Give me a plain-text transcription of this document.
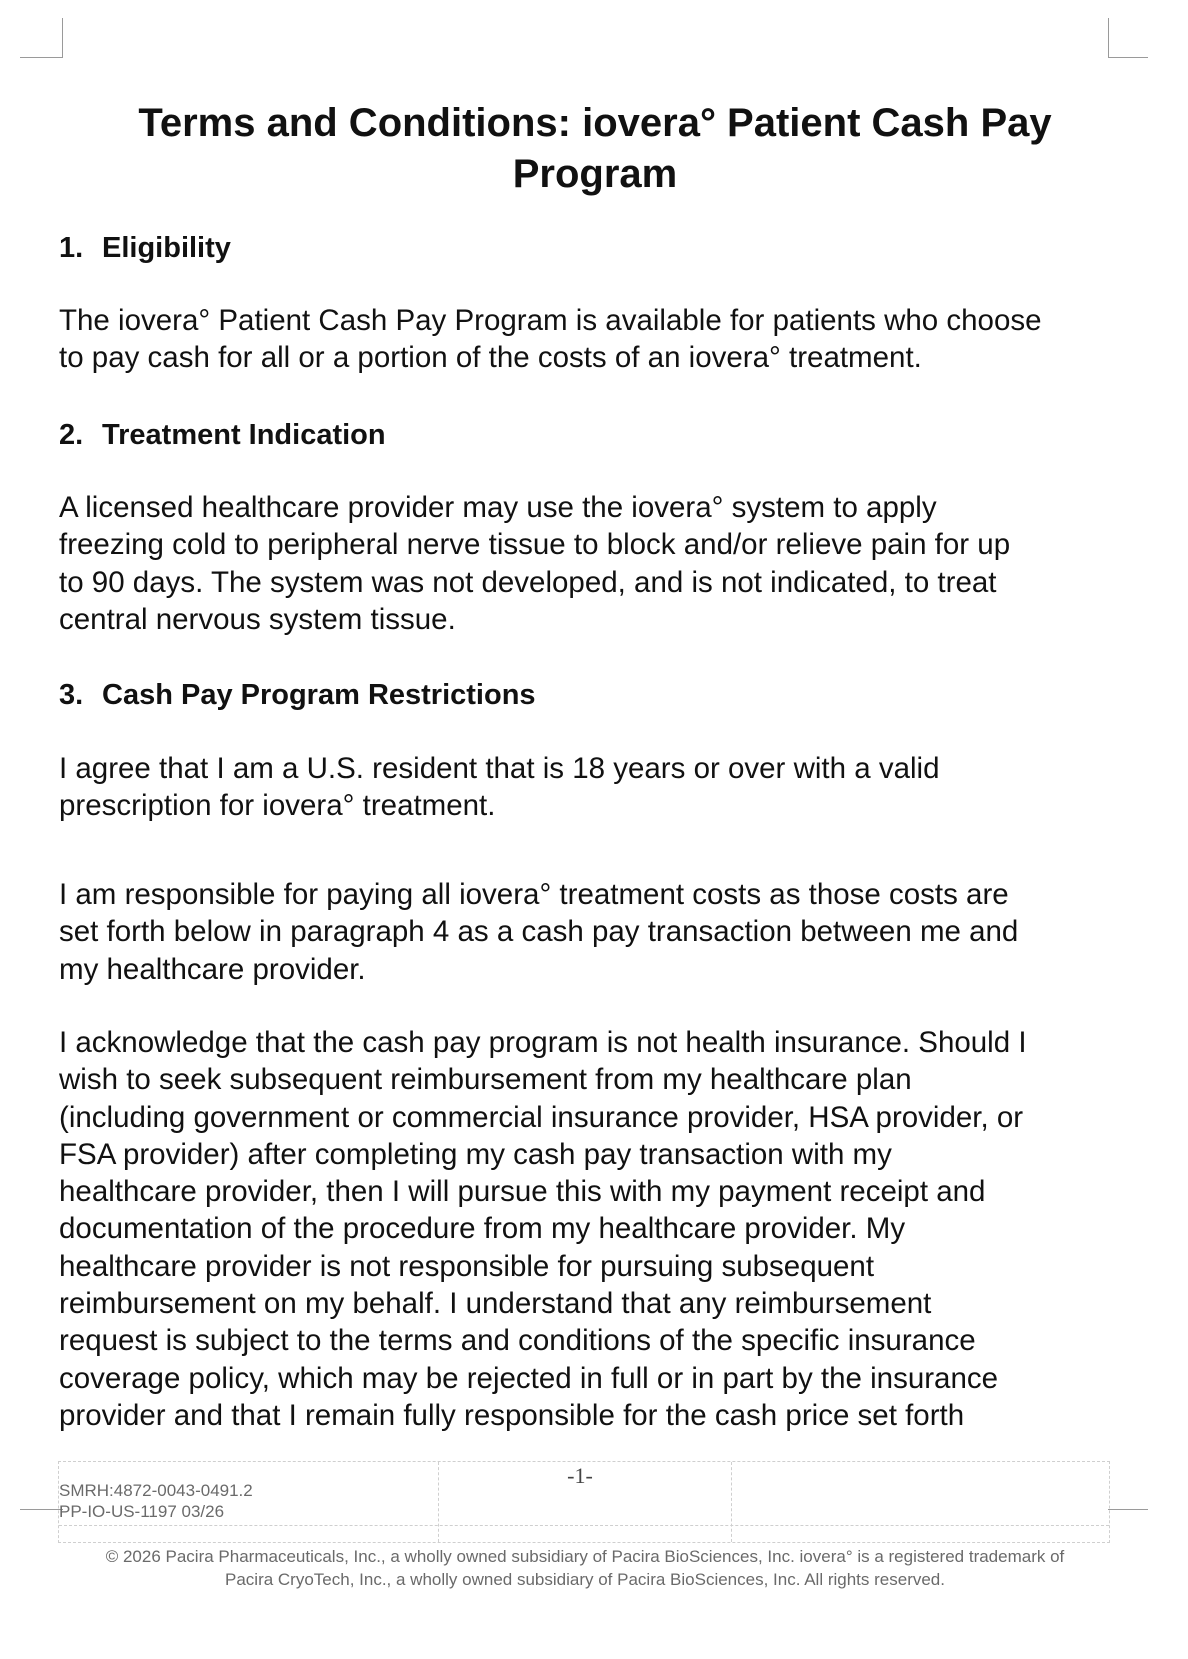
Terms and Conditions: iovera° Patient Cash Pay Program
1. Eligibility

The iovera° Patient Cash Pay Program is available for patients who choose
to pay cash for all or a portion of the costs of an iovera° treatment.

2. Treatment Indication

A licensed healthcare provider may use the iovera° system to apply
freezing cold to peripheral nerve tissue to block and/or relieve pain for up
to 90 days. The system was not developed, and is not indicated, to treat
central nervous system tissue.

3. Cash Pay Program Restrictions

I agree that I am a U.S. resident that is 18 years or over with a valid
prescription for iovera° treatment.

I am responsible for paying all iovera° treatment costs as those costs are
set forth below in paragraph 4 as a cash pay transaction between me and
my healthcare provider.

I acknowledge that the cash pay program is not health insurance. Should I
wish to seek subsequent reimbursement from my healthcare plan
(including government or commercial insurance provider, HSA provider, or
FSA provider) after completing my cash pay transaction with my
healthcare provider, then I will pursue this with my payment receipt and
documentation of the procedure from my healthcare provider. My
healthcare provider is not responsible for pursuing subsequent
reimbursement on my behalf. I understand that any reimbursement
request is subject to the terms and conditions of the specific insurance
coverage policy, which may be rejected in full or in part by the insurance
provider and that I remain fully responsible for the cash price set forth

SMRH:4872-0043-0491.2
PP-IO-US-1197 03/26
-1-
© 2026 Pacira Pharmaceuticals, Inc., a wholly owned subsidiary of Pacira BioSciences, Inc. iovera° is a registered trademark of
Pacira CryoTech, Inc., a wholly owned subsidiary of Pacira BioSciences, Inc. All rights reserved.
